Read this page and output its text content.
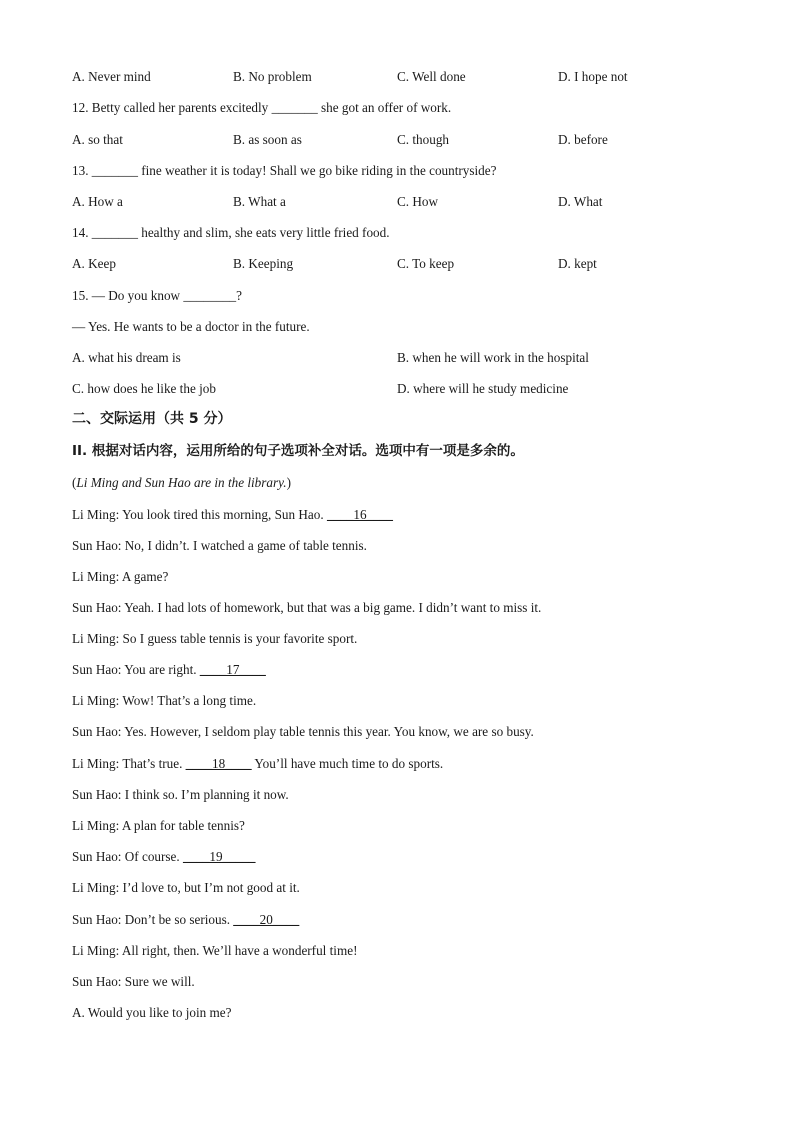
A. Never mind	B. No problem	C. Well done	D. I hope not
12. Betty called her parents excitedly _______ she got an offer of work.
A. so that	B. as soon as	C. though	D. before
13. _______ fine weather it is today! Shall we go bike riding in the countryside?
A. How a	B. What a	C. How	D. What
14. _______ healthy and slim, she eats very little fried food.
A. Keep	B. Keeping	C. To keep	D. kept
15. — Do you know ________?
— Yes. He wants to be a doctor in the future.
A. what his dream is	B. when he will work in the hospital
C. how does he like the job	D. where will he study medicine
二、交际运用（共 5 分）
II. 根据对话内容，运用所给的句子选项补全对话。选项中有一项是多余的。
(Li Ming and Sun Hao are in the library.)
Li Ming: You look tired this morning, Sun Hao. ____16____
Sun Hao: No, I didn’t. I watched a game of table tennis.
Li Ming: A game?
Sun Hao: Yeah. I had lots of homework, but that was a big game. I didn’t want to miss it.
Li Ming: So I guess table tennis is your favorite sport.
Sun Hao: You are right. ____17____
Li Ming: Wow! That’s a long time.
Sun Hao: Yes. However, I seldom play table tennis this year. You know, we are so busy.
Li Ming: That’s true. ____18____ You’ll have much time to do sports.
Sun Hao: I think so. I’m planning it now.
Li Ming: A plan for table tennis?
Sun Hao: Of course. ____19_____
Li Ming: I’d love to, but I’m not good at it.
Sun Hao: Don’t be so serious. ____20____
Li Ming: All right, then. We’ll have a wonderful time!
Sun Hao: Sure we will.
A. Would you like to join me?
